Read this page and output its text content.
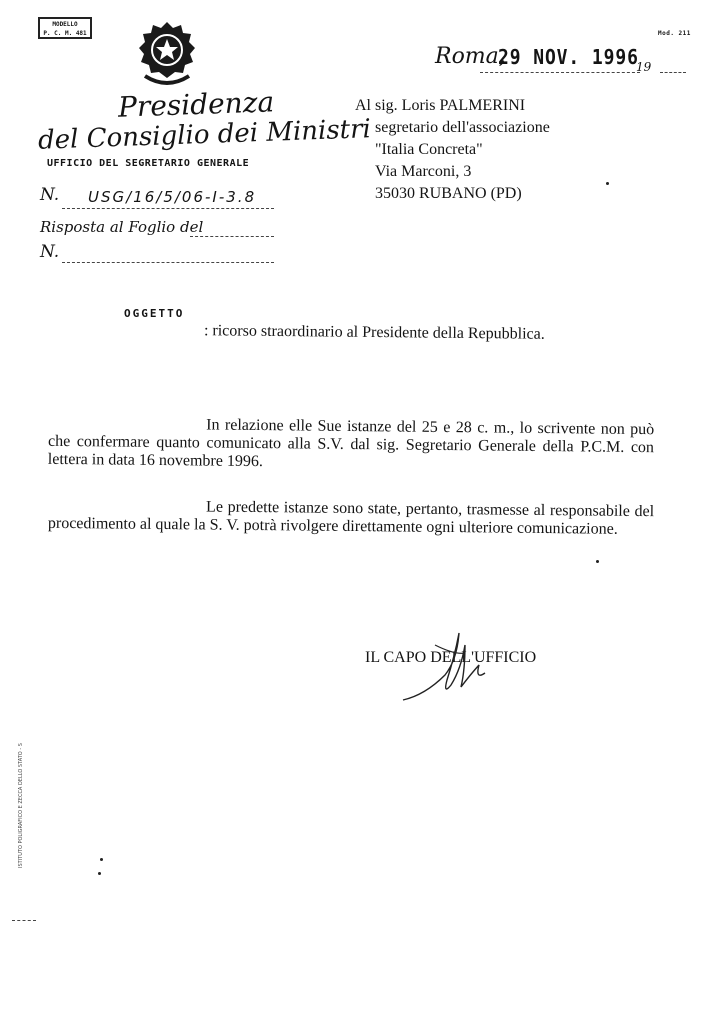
MODELLO
P. C. M. 481	Mod. 211
Presidenza
del Consiglio dei Ministri
UFFICIO DEL SEGRETARIO GENERALE
N. USG/16/5/06-I-3.8
Risposta al Foglio del
N.
Roma,
29 NOV. 1996
19
Al sig. Loris PALMERINI
segretario dell'associazione
"Italia Concreta"
Via Marconi, 3
35030 RUBANO (PD)
OGGETTO
: ricorso straordinario al Presidente della Repubblica.
In relazione elle Sue istanze del 25 e 28 c. m., lo scrivente non può che confermare quanto comunicato alla S.V. dal sig. Segretario Generale della P.C.M. con lettera in data 16 novembre 1996.
Le predette istanze sono state, pertanto, trasmesse al responsabile del procedimento al quale la S. V. potrà rivolgere direttamente ogni ulteriore comunicazione.
IL CAPO DELL'UFFICIO
ISTITUTO POLIGRAFICO E ZECCA DELLO STATO - S
